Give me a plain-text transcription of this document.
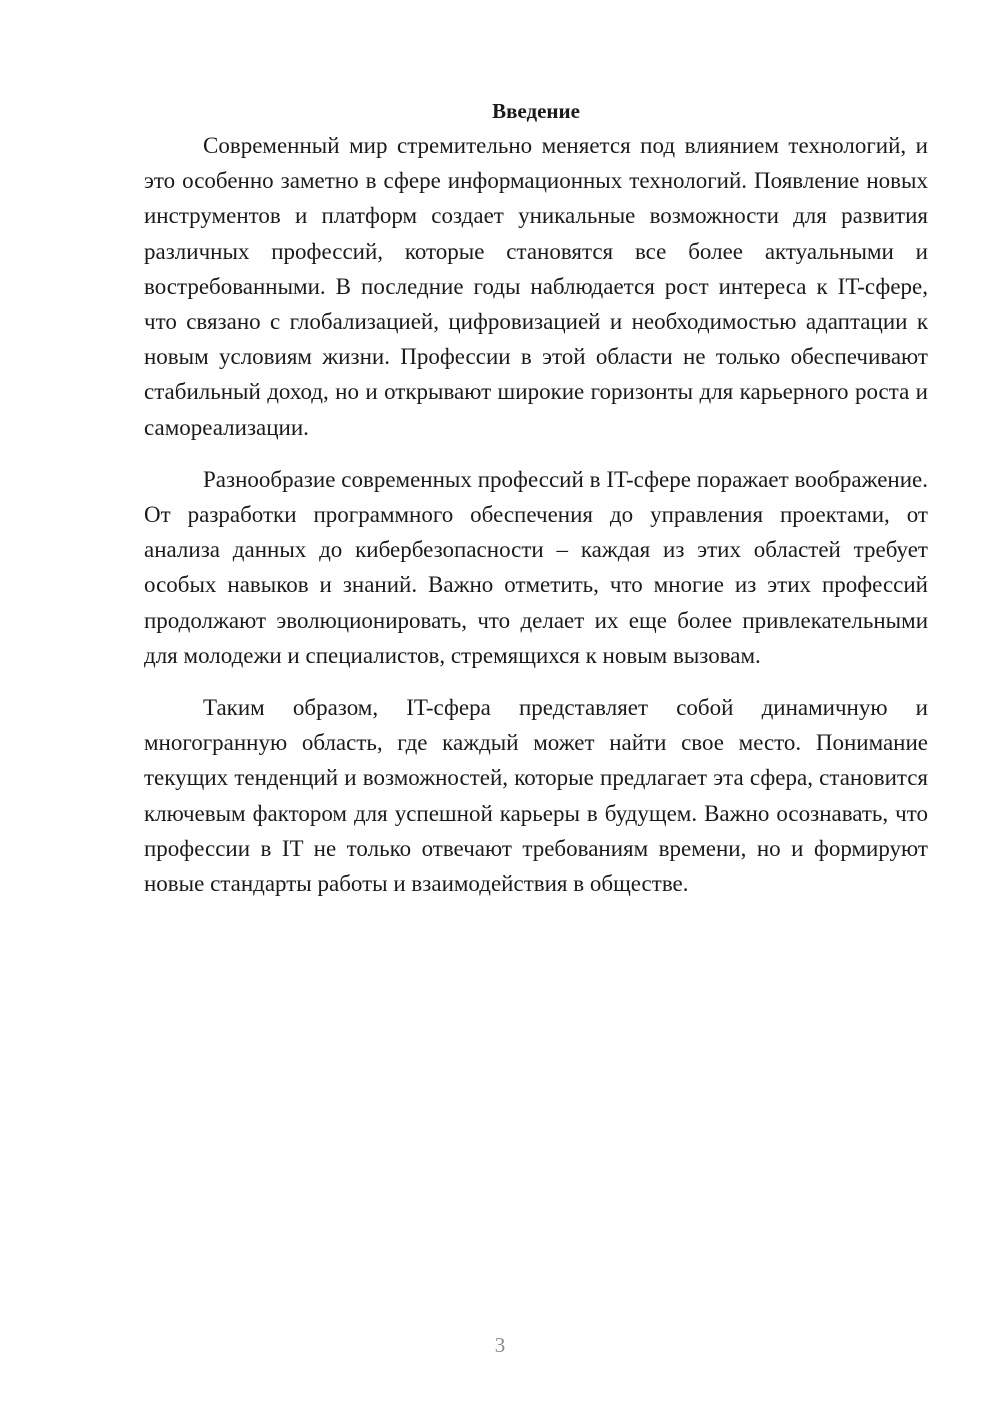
Введение

Современный мир стремительно меняется под влиянием технологий, и это особенно заметно в сфере информационных технологий. Появление новых инструментов и платформ создает уникальные возможности для развития различных профессий, которые становятся все более актуальными и востребованными. В последние годы наблюдается рост интереса к IT-сфере, что связано с глобализацией, цифровизацией и необходимостью адаптации к новым условиям жизни. Профессии в этой области не только обеспечивают стабильный доход, но и открывают широкие горизонты для карьерного роста и самореализации.

Разнообразие современных профессий в IT-сфере поражает воображение. От разработки программного обеспечения до управления проектами, от анализа данных до кибербезопасности – каждая из этих областей требует особых навыков и знаний. Важно отметить, что многие из этих профессий продолжают эволюционировать, что делает их еще более привлекательными для молодежи и специалистов, стремящихся к новым вызовам.

Таким образом, IT-сфера представляет собой динамичную и многогранную область, где каждый может найти свое место. Понимание текущих тенденций и возможностей, которые предлагает эта сфера, становится ключевым фактором для успешной карьеры в будущем. Важно осознавать, что профессии в IT не только отвечают требованиям времени, но и формируют новые стандарты работы и взаимодействия в обществе.

3
